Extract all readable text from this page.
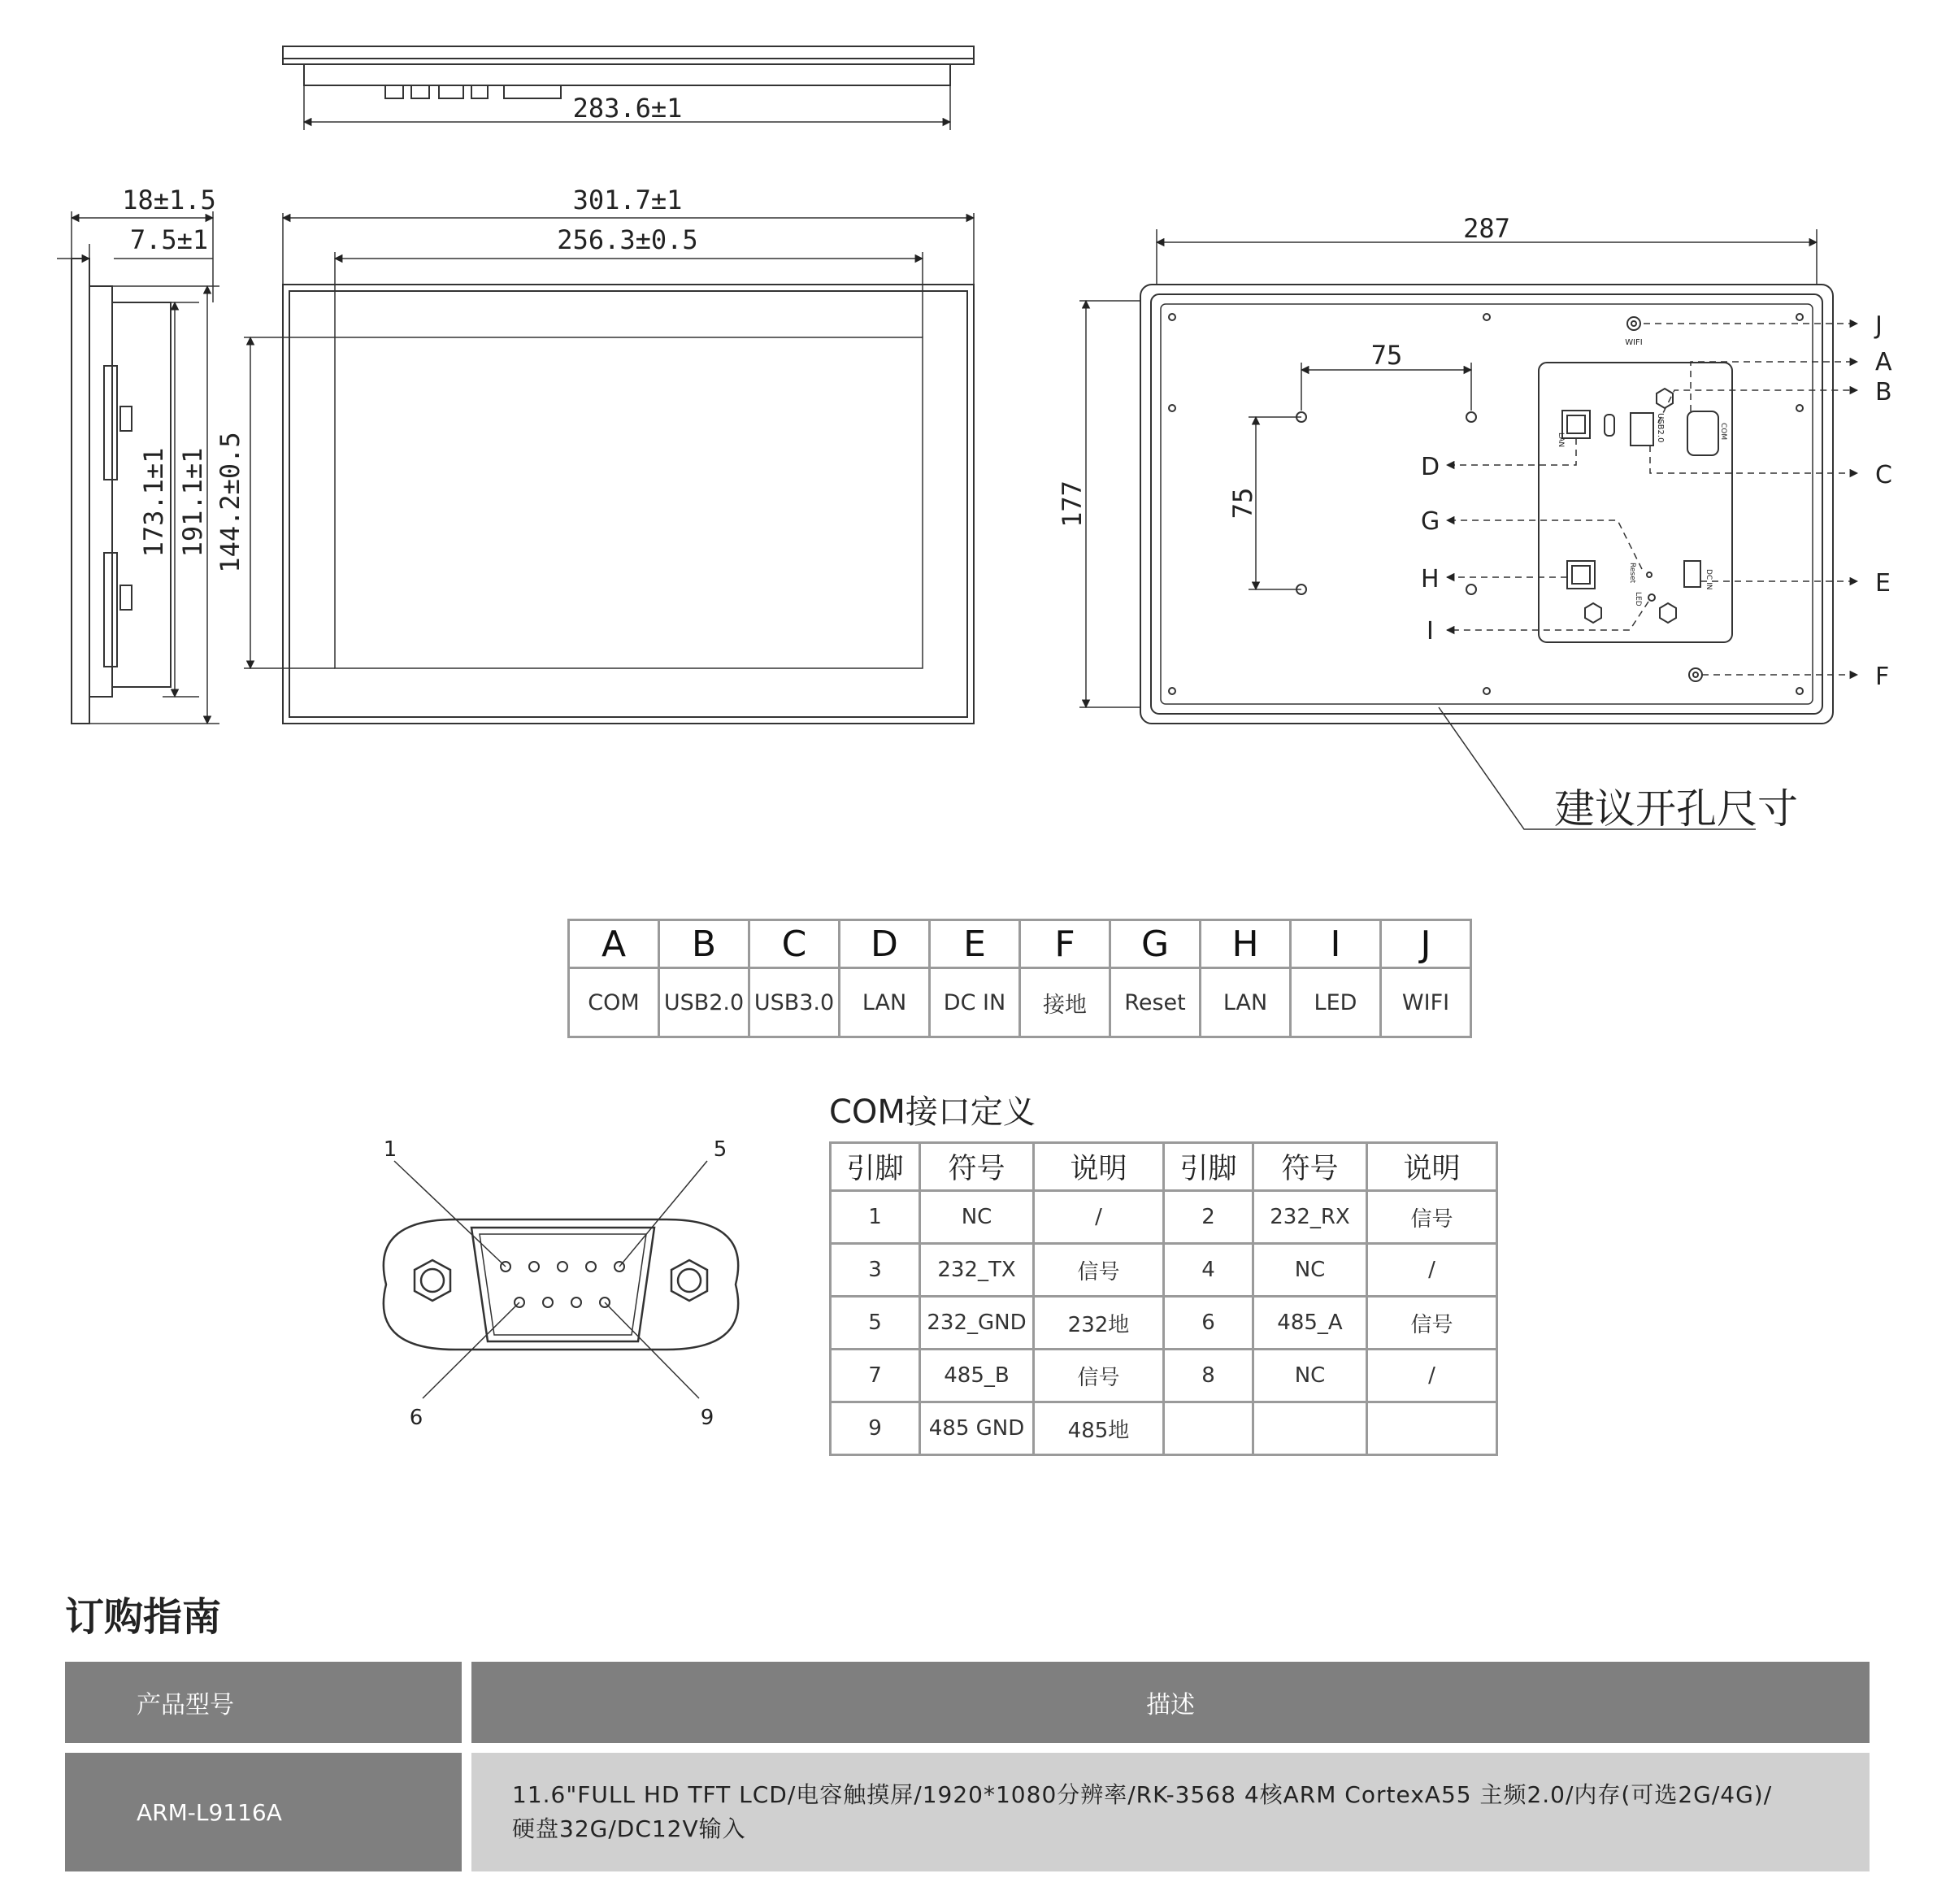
283.6±1
18±1.5
7.5±1
173.1±1 191.1±1
301.7±1
256.3±0.5
144.2±0.5
287
177
75
75
建议开孔尺寸
WIFI
LAN	USB2.0	COM
Reset
LED
DC IN
J
A
B
C
E
F
D
G
H
I
1	5
6	9
A	B	C	D	E	F	G	H	I	J
COM	USB2.0	USB3.0	LAN	DC IN	接地	Reset	LAN	LED	WIFI
COM接口定义
引脚	符号	说明	引脚	符号	说明
1	NC	/	2	232_RX	信号
3	232_TX	信号	4	NC	/
5	232_GND	232地	6	485_A	信号
7	485_B	信号	8	NC	/
9	485 GND	485地			
订购指南
产品型号	描述
ARM-L9116A
11.6"FULL HD TFT LCD/电容触摸屏/1920*1080分辨率/RK-3568 4核ARM CortexA55 主频2.0/内存(可选2G/4G)/
硬盘32G/DC12V输入
